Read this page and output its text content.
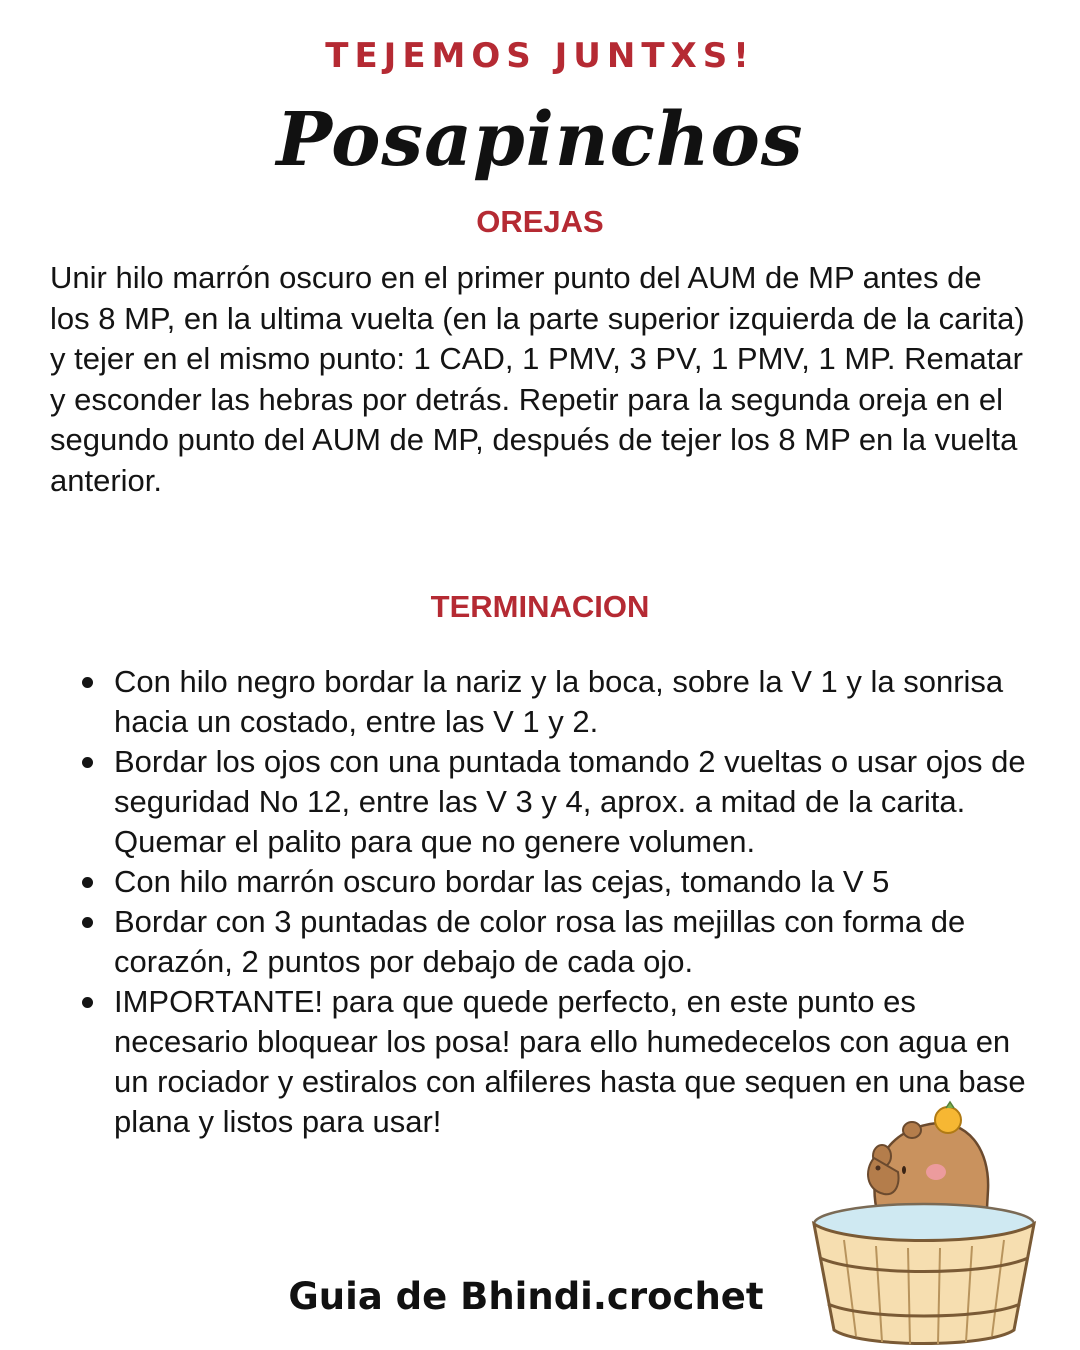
TEJEMOS JUNTXS!
Posapinchos
OREJAS

Unir hilo marrón oscuro en el primer punto del AUM de MP antes de los 8 MP, en la ultima vuelta (en la parte superior izquierda de la carita) y tejer en el mismo punto: 1 CAD, 1 PMV, 3 PV, 1 PMV, 1 MP. Rematar y esconder las hebras por detrás. Repetir para la segunda oreja en el segundo punto del AUM de MP, después de tejer los 8 MP en la vuelta anterior.

TERMINACION
Con hilo negro bordar la nariz y la boca, sobre la V 1 y la sonrisa hacia un costado, entre las V 1 y 2.
Bordar los ojos con una puntada tomando 2 vueltas o usar ojos de seguridad No 12, entre las V 3 y 4, aprox. a mitad de la carita. Quemar el palito para que no genere volumen.
Con hilo marrón oscuro bordar las cejas, tomando la V 5
Bordar con 3 puntadas de color rosa las mejillas con forma de corazón, 2 puntos por debajo de cada ojo.
IMPORTANTE! para que quede perfecto, en este punto es necesario bloquear los posa! para ello humedecelos con agua en un rociador y estiralos con alfileres hasta que sequen en una base plana y listos para usar!
Guia de Bhindi.crochet
